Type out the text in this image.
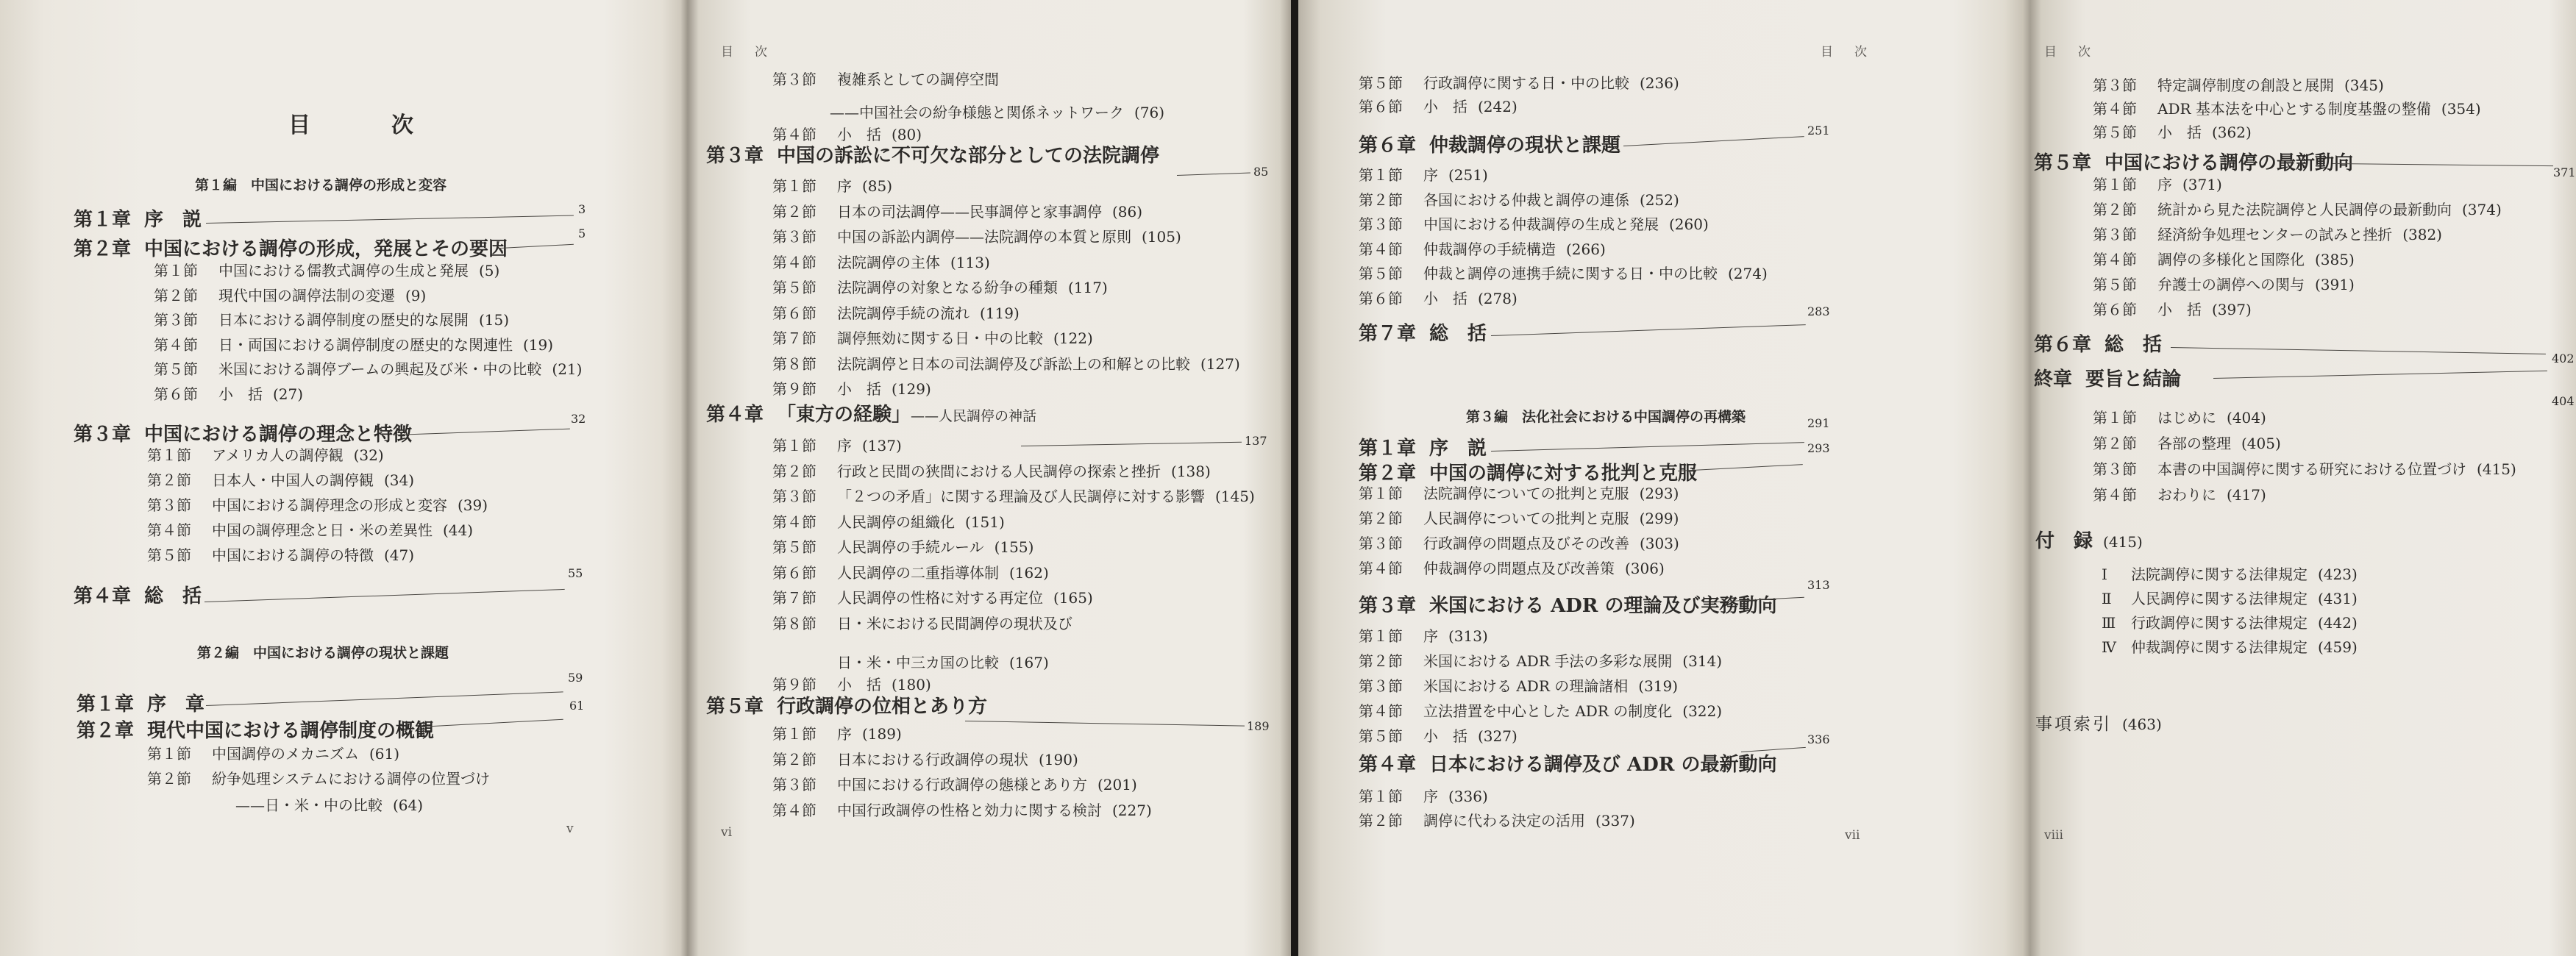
目　次
第１編　中国における調停の形成と変容
第１章 序　説	3
第２章 中国における調停の形成，発展とその要因
5
第１節 中国における儒教式調停の生成と発展 (5)
第２節 現代中国の調停法制の変遷 (9)
第３節 日本における調停制度の歴史的な展開 (15)
第４節 日・両国における調停制度の歴史的な関連性 (19)
第５節 米国における調停ブームの興起及び米・中の比較 (21)
第６節 小　括 (27)
第３章 中国における調停の理念と特徴
32
第１節 アメリカ人の調停観 (32)
第２節 日本人・中国人の調停観 (34)
第３節 中国における調停理念の形成と変容 (39)
第４節 中国の調停理念と日・米の差異性 (44)
第５節 中国における調停の特徴 (47)
第４章 総　括
55
第２編　中国における調停の現状と課題
第１章 序　章
59
第２章 現代中国における調停制度の概観
61
第１節 中国調停のメカニズム (61)
第２節 紛争処理システムにおける調停の位置づけ
——日・米・中の比較 (64)
v
目　次
第３節 複雑系としての調停空間
——中国社会の紛争様態と関係ネットワーク (76)
第４節 小　括 (80)
第３章 中国の訴訟に不可欠な部分としての法院調停
85
第１節 序 (85)
第２節 日本の司法調停——民事調停と家事調停 (86)
第３節 中国の訴訟内調停——法院調停の本質と原則 (105)
第４節 法院調停の主体 (113)
第５節 法院調停の対象となる紛争の種類 (117)
第６節 法院調停手続の流れ (119)
第７節 調停無効に関する日・中の比較 (122)
第８節 法院調停と日本の司法調停及び訴訟上の和解との比較 (127)
第９節 小　括 (129)
第４章 「東方の経験」——人民調停の神話
137
第１節 序 (137)
第２節 行政と民間の狭間における人民調停の探索と挫折 (138)
第３節 「２つの矛盾」に関する理論及び人民調停に対する影響 (145)
第４節 人民調停の組織化 (151)
第５節 人民調停の手続ルール (155)
第６節 人民調停の二重指導体制 (162)
第７節 人民調停の性格に対する再定位 (165)
第８節 日・米における民間調停の現状及び
日・米・中三カ国の比較 (167)
第９節 小　括 (180)
第５章 行政調停の位相とあり方
189
第１節 序 (189)
第２節 日本における行政調停の現状 (190)
第３節 中国における行政調停の態様とあり方 (201)
第４節 中国行政調停の性格と効力に関する検討 (227)
vi
目　次
第５節 行政調停に関する日・中の比較 (236)
第６節 小　括 (242)
第６章 仲裁調停の現状と課題
251
第１節 序 (251)
第２節 各国における仲裁と調停の連係 (252)
第３節 中国における仲裁調停の生成と発展 (260)
第４節 仲裁調停の手続構造 (266)
第５節 仲裁と調停の連携手続に関する日・中の比較 (274)
第６節 小　括 (278)
第７章 総　括
283
第３編　法化社会における中国調停の再構築
第１章 序　説
291
第２章 中国の調停に対する批判と克服
293
第１節 法院調停についての批判と克服 (293)
第２節 人民調停についての批判と克服 (299)
第３節 行政調停の問題点及びその改善 (303)
第４節 仲裁調停の問題点及び改善策 (306)
第３章 米国における ADR の理論及び実務動向
313
第１節 序 (313)
第２節 米国における ADR 手法の多彩な展開 (314)
第３節 米国における ADR の理論諸相 (319)
第４節 立法措置を中心とした ADR の制度化 (322)
第５節 小　括 (327)
第４章 日本における調停及び ADR の最新動向
336
第１節 序 (336)
第２節 調停に代わる決定の活用 (337)
vii
目　次
第３節 特定調停制度の創設と展開 (345)
第４節 ADR 基本法を中心とする制度基盤の整備 (354)
第５節 小　括 (362)
第５章 中国における調停の最新動向	371
第１節 序 (371)
第２節 統計から見た法院調停と人民調停の最新動向 (374)
第３節 経済紛争処理センターの試みと挫折 (382)
第４節 調停の多様化と国際化 (385)
第５節 弁護士の調停への関与 (391)
第６節 小　括 (397)
第６章 総　括
402
終章 要旨と結論
404
第１節 はじめに (404)
第２節 各部の整理 (405)
第３節 本書の中国調停に関する研究における位置づけ (415)
第４節 おわりに (417)
付　録 (415)
Ⅰ 法院調停に関する法律規定 (423)
Ⅱ 人民調停に関する法律規定 (431)
Ⅲ 行政調停に関する法律規定 (442)
Ⅳ 仲裁調停に関する法律規定 (459)
事項索引 (463)
viii
